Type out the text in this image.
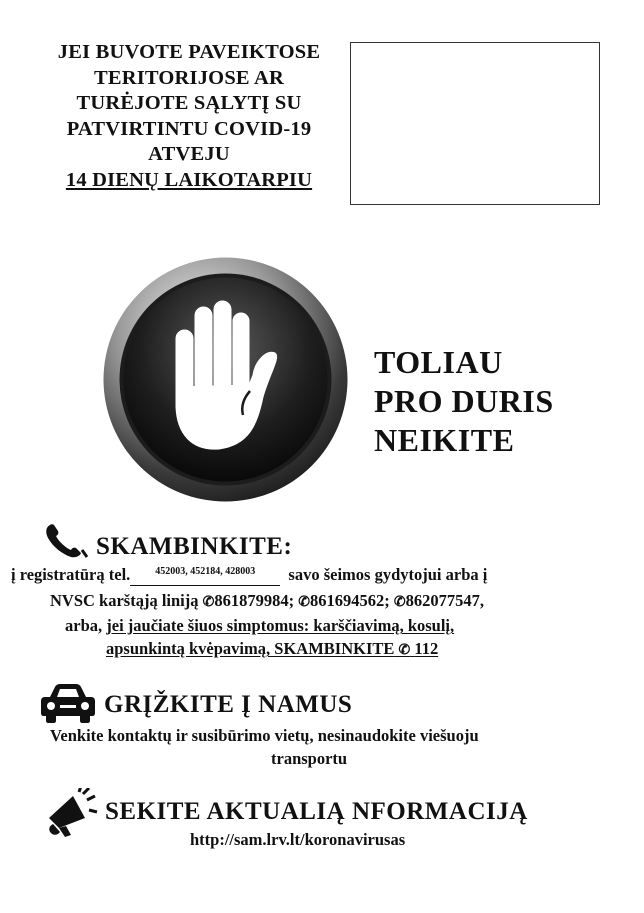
JEI BUVOTE PAVEIKTOSE
TERITORIJOSE AR
TURĖJOTE SĄLYTĮ SU
PATVIRTINTU COVID-19
ATVEJU
14 DIENŲ LAIKOTARPIU
TOLIAU
PRO DURIS
NEIKITE
SKAMBINKITE:
į registratūrą tel.	$^{452003, 452184, 428003}$ savo šeimos gydytojui arba į
NVSC karštąją liniją ✆861879984; ✆861694562; ✆862077547,
arba, jei jaučiate šiuos simptomus: karščiavimą, kosulį,
apsunkintą kvėpavimą, SKAMBINKITE ✆ 112
GRĮŽKITE Į NAMUS
Venkite kontaktų ir susibūrimo vietų, nesinaudokite viešuoju
transportu
SEKITE AKTUALIĄ NFORMACIJĄ
http://sam.lrv.lt/koronavirusas
